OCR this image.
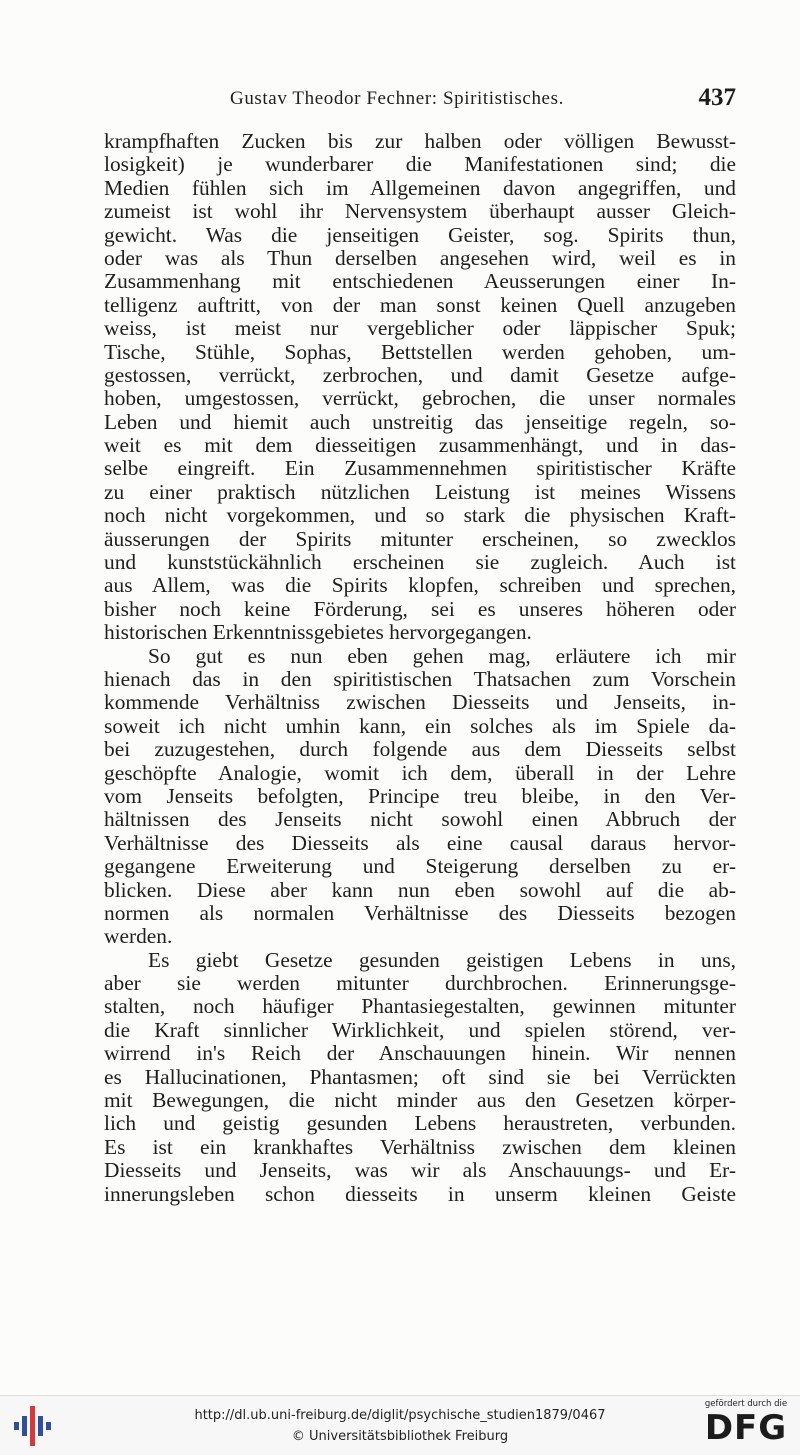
Gustav Theodor Fechner: Spiritistisches.	437
krampfhaften Zucken bis zur halben oder völligen Bewusst-
losigkeit) je wunderbarer die Manifestationen sind; die
Medien fühlen sich im Allgemeinen davon angegriffen, und
zumeist ist wohl ihr Nervensystem überhaupt ausser Gleich-
gewicht. Was die jenseitigen Geister, sog. Spirits thun,
oder was als Thun derselben angesehen wird, weil es in
Zusammenhang mit entschiedenen Aeusserungen einer In-
telligenz auftritt, von der man sonst keinen Quell anzugeben
weiss, ist meist nur vergeblicher oder läppischer Spuk;
Tische, Stühle, Sophas, Bettstellen werden gehoben, um-
gestossen, verrückt, zerbrochen, und damit Gesetze aufge-
hoben, umgestossen, verrückt, gebrochen, die unser normales
Leben und hiemit auch unstreitig das jenseitige regeln, so-
weit es mit dem diesseitigen zusammenhängt, und in das-
selbe eingreift. Ein Zusammennehmen spiritistischer Kräfte
zu einer praktisch nützlichen Leistung ist meines Wissens
noch nicht vorgekommen, und so stark die physischen Kraft-
äusserungen der Spirits mitunter erscheinen, so zwecklos
und kunststückähnlich erscheinen sie zugleich. Auch ist
aus Allem, was die Spirits klopfen, schreiben und sprechen,
bisher noch keine Förderung, sei es unseres höheren oder
historischen Erkenntnissgebietes hervorgegangen.
So gut es nun eben gehen mag, erläutere ich mir
hienach das in den spiritistischen Thatsachen zum Vorschein
kommende Verhältniss zwischen Diesseits und Jenseits, in-
soweit ich nicht umhin kann, ein solches als im Spiele da-
bei zuzugestehen, durch folgende aus dem Diesseits selbst
geschöpfte Analogie, womit ich dem, überall in der Lehre
vom Jenseits befolgten, Principe treu bleibe, in den Ver-
hältnissen des Jenseits nicht sowohl einen Abbruch der
Verhältnisse des Diesseits als eine causal daraus hervor-
gegangene Erweiterung und Steigerung derselben zu er-
blicken. Diese aber kann nun eben sowohl auf die ab-
normen als normalen Verhältnisse des Diesseits bezogen
werden.
Es giebt Gesetze gesunden geistigen Lebens in uns,
aber sie werden mitunter durchbrochen. Erinnerungsge-
stalten, noch häufiger Phantasiegestalten, gewinnen mitunter
die Kraft sinnlicher Wirklichkeit, und spielen störend, ver-
wirrend in's Reich der Anschauungen hinein. Wir nennen
es Hallucinationen, Phantasmen; oft sind sie bei Verrückten
mit Bewegungen, die nicht minder aus den Gesetzen körper-
lich und geistig gesunden Lebens heraustreten, verbunden.
Es ist ein krankhaftes Verhältniss zwischen dem kleinen
Diesseits und Jenseits, was wir als Anschauungs- und Er-
innerungsleben schon diesseits in unserm kleinen Geiste
http://dl.ub.uni-freiburg.de/diglit/psychische_studien1879/0467
© Universitätsbibliothek Freiburg
gefördert durch die
DFG
